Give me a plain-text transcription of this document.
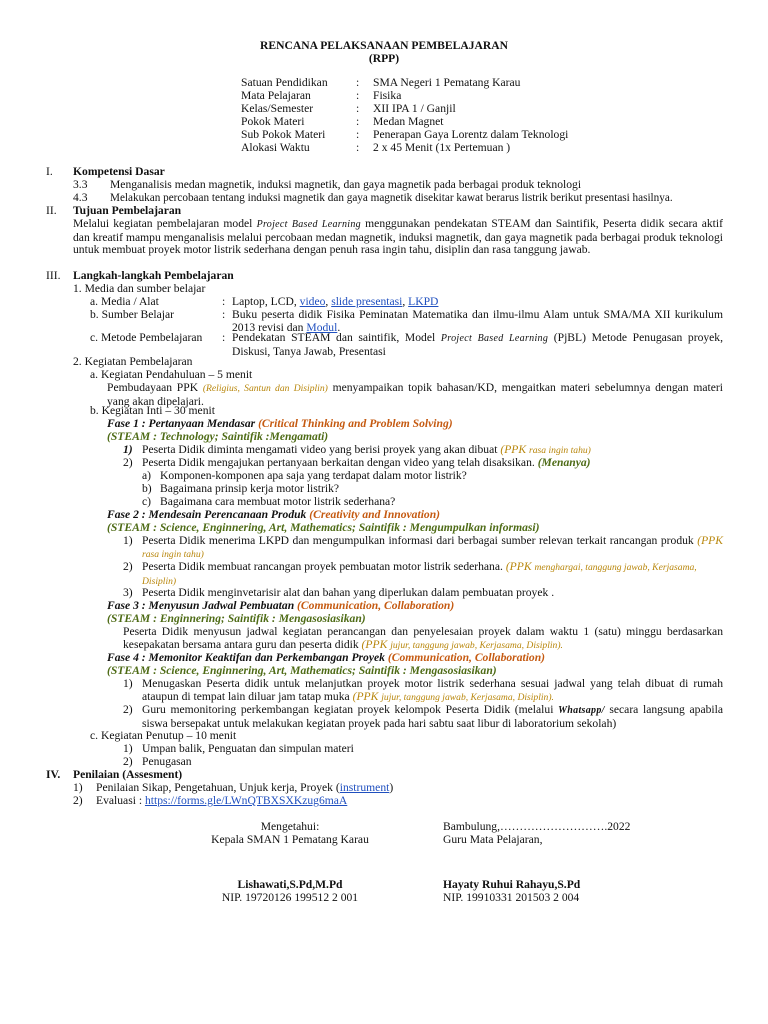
RENCANA PELAKSANAAN PEMBELAJARAN
(RPP)
Satuan Pendidikan : SMA Negeri 1 Pematang Karau
Mata Pelajaran	: Fisika
Kelas/Semester	: XII IPA 1 / Ganjil
Pokok Materi	: Medan Magnet
Sub Pokok Materi	: Penerapan Gaya Lorentz dalam Teknologi
Alokasi Waktu	: 2 x 45 Menit (1x Pertemuan )
I. Kompetensi Dasar
3.3 Menganalisis medan magnetik, induksi magnetik, dan gaya magnetik pada berbagai produk teknologi
4.3 Melakukan percobaan tentang induksi magnetik dan gaya magnetik disekitar kawat berarus listrik berikut presentasi hasilnya.
II. Tujuan Pembelajaran
Melalui kegiatan pembelajaran model Project Based Learning menggunakan pendekatan STEAM dan Saintifik, Peserta didik secara aktif dan kreatif mampu menganalisis melalui percobaan medan magnetik, induksi magnetik, dan gaya magnetik pada berbagai produk teknologi untuk membuat proyek motor listrik sederhana dengan penuh rasa ingin tahu, disiplin dan rasa tanggung jawab.
III. Langkah-langkah Pembelajaran
1. Media dan sumber belajar
a. Media / Alat	: Laptop, LCD, video, slide presentasi, LKPD
b. Sumber Belajar	: Buku peserta didik Fisika Peminatan Matematika dan ilmu-ilmu Alam untuk SMA/MA XII kurikulum 2013 revisi dan Modul.
c. Metode Pembelajaran : Pendekatan STEAM dan saintifik, Model Project Based Learning (PjBL) Metode Penugasan proyek, Diskusi, Tanya Jawab, Presentasi
2. Kegiatan Pembelajaran
a. Kegiatan Pendahuluan – 5 menit
Pembudayaan PPK (Religius, Santun dan Disiplin) menyampaikan topik bahasan/KD, mengaitkan materi sebelumnya dengan materi yang akan dipelajari.
b. Kegiatan Inti – 30 menit
Fase 1 : Pertanyaan Mendasar (Critical Thinking and Problem Solving)
(STEAM : Technology; Saintifik :Mengamati)
1) Peserta Didik diminta mengamati video yang berisi proyek yang akan dibuat (PPK rasa ingin tahu)
2) Peserta Didik mengajukan pertanyaan berkaitan dengan video yang telah disaksikan. (Menanya)
a) Komponen-komponen apa saja yang terdapat dalam motor listrik?
b) Bagaimana prinsip kerja motor listrik?
c) Bagaimana cara membuat motor listrik sederhana?
Fase 2 : Mendesain Perencanaan Produk (Creativity and Innovation)
(STEAM : Science, Enginnering, Art, Mathematics; Saintifik : Mengumpulkan informasi)
1) Peserta Didik menerima LKPD dan mengumpulkan informasi dari berbagai sumber relevan terkait rancangan produk (PPK rasa ingin tahu)
2) Peserta Didik membuat rancangan proyek pembuatan motor listrik sederhana. (PPK menghargai, tanggung jawab, Kerjasama, Disiplin)
3) Peserta Didik menginvetarisir alat dan bahan yang diperlukan dalam pembuatan proyek .
Fase 3 : Menyusun Jadwal Pembuatan (Communication, Collaboration)
(STEAM : Enginnering; Saintifik : Mengasosiasikan)
Peserta Didik menyusun jadwal kegiatan perancangan dan penyelesaian proyek dalam waktu 1 (satu) minggu berdasarkan kesepakatan bersama antara guru dan peserta didik (PPK jujur, tanggung jawab, Kerjasama, Disiplin).
Fase 4 : Memonitor Keaktifan dan Perkembangan Proyek (Communication, Collaboration)
(STEAM : Science, Enginnering, Art, Mathematics; Saintifik : Mengasosiasikan)
1) Menugaskan Peserta didik untuk melanjutkan proyek motor listrik sederhana sesuai jadwal yang telah dibuat di rumah ataupun di tempat lain diluar jam tatap muka (PPK jujur, tanggung jawab, Kerjasama, Disiplin).
2) Guru memonitoring perkembangan kegiatan proyek kelompok Peserta Didik (melalui Whatsapp/ secara langsung apabila siswa bersepakat untuk melakukan kegiatan proyek pada hari sabtu saat libur di laboratorium sekolah)
c. Kegiatan Penutup – 10 menit
1) Umpan balik, Penguatan dan simpulan materi
2) Penugasan
IV. Penilaian (Assesment)
1) Penilaian Sikap, Pengetahuan, Unjuk kerja, Proyek (instrument)
2) Evaluasi : https://forms.gle/LWnQTBXSXKzug6maA
Mengetahui:
Kepala SMAN 1 Pematang Karau
Bambulung,……………………….2022
Guru Mata Pelajaran,
Lishawati,S.Pd,M.Pd
NIP. 19720126 199512 2 001
Hayaty Ruhui Rahayu,S.Pd
NIP. 19910331 201503 2 004
